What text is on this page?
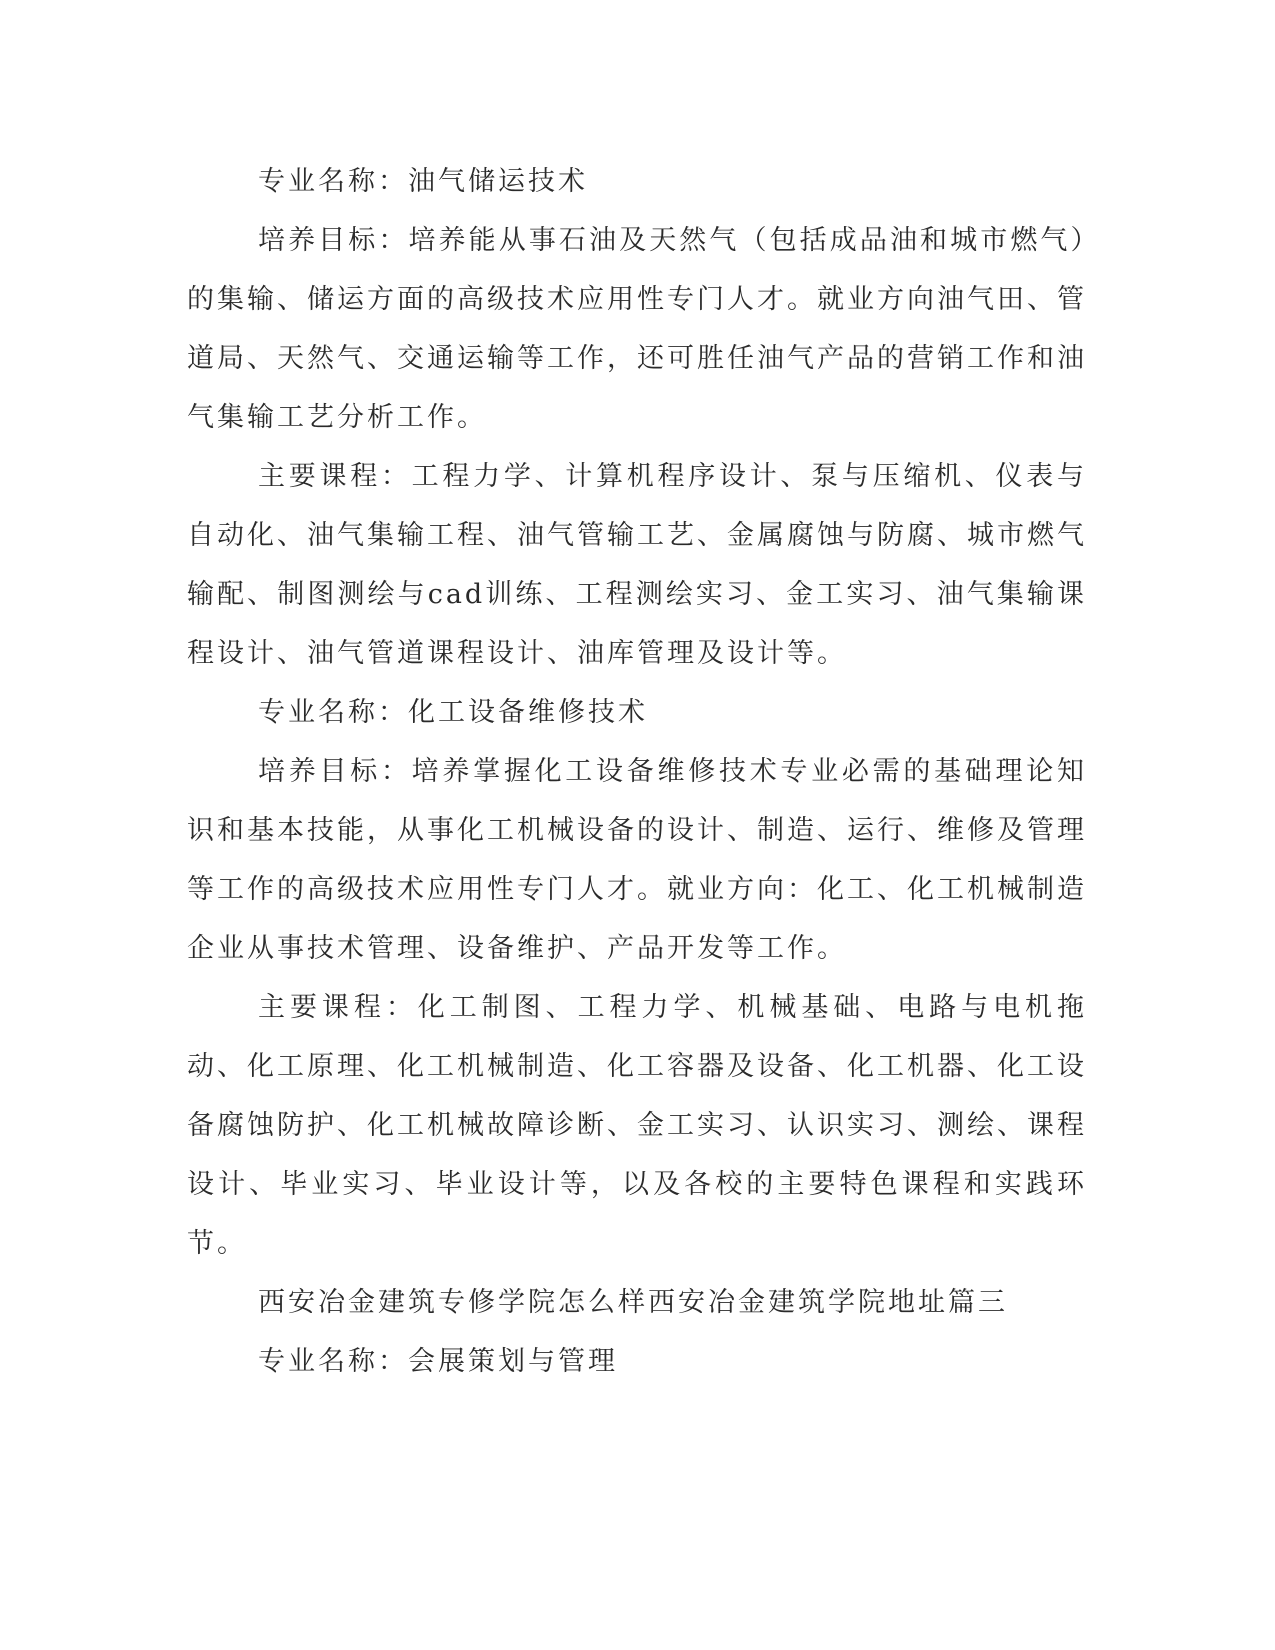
专业名称：油气储运技术

培养目标：培养能从事石油及天然气（包括成品油和城市燃气）的集输、储运方面的高级技术应用性专门人才。就业方向油气田、管道局、天然气、交通运输等工作，还可胜任油气产品的营销工作和油气集输工艺分析工作。

主要课程：工程力学、计算机程序设计、泵与压缩机、仪表与自动化、油气集输工程、油气管输工艺、金属腐蚀与防腐、城市燃气输配、制图测绘与cad训练、工程测绘实习、金工实习、油气集输课程设计、油气管道课程设计、油库管理及设计等。

专业名称：化工设备维修技术

培养目标：培养掌握化工设备维修技术专业必需的基础理论知识和基本技能，从事化工机械设备的设计、制造、运行、维修及管理等工作的高级技术应用性专门人才。就业方向：化工、化工机械制造企业从事技术管理、设备维护、产品开发等工作。

主要课程：化工制图、工程力学、机械基础、电路与电机拖动、化工原理、化工机械制造、化工容器及设备、化工机器、化工设备腐蚀防护、化工机械故障诊断、金工实习、认识实习、测绘、课程设计、毕业实习、毕业设计等，以及各校的主要特色课程和实践环节。

西安冶金建筑专修学院怎么样西安冶金建筑学院地址篇三

专业名称：会展策划与管理
